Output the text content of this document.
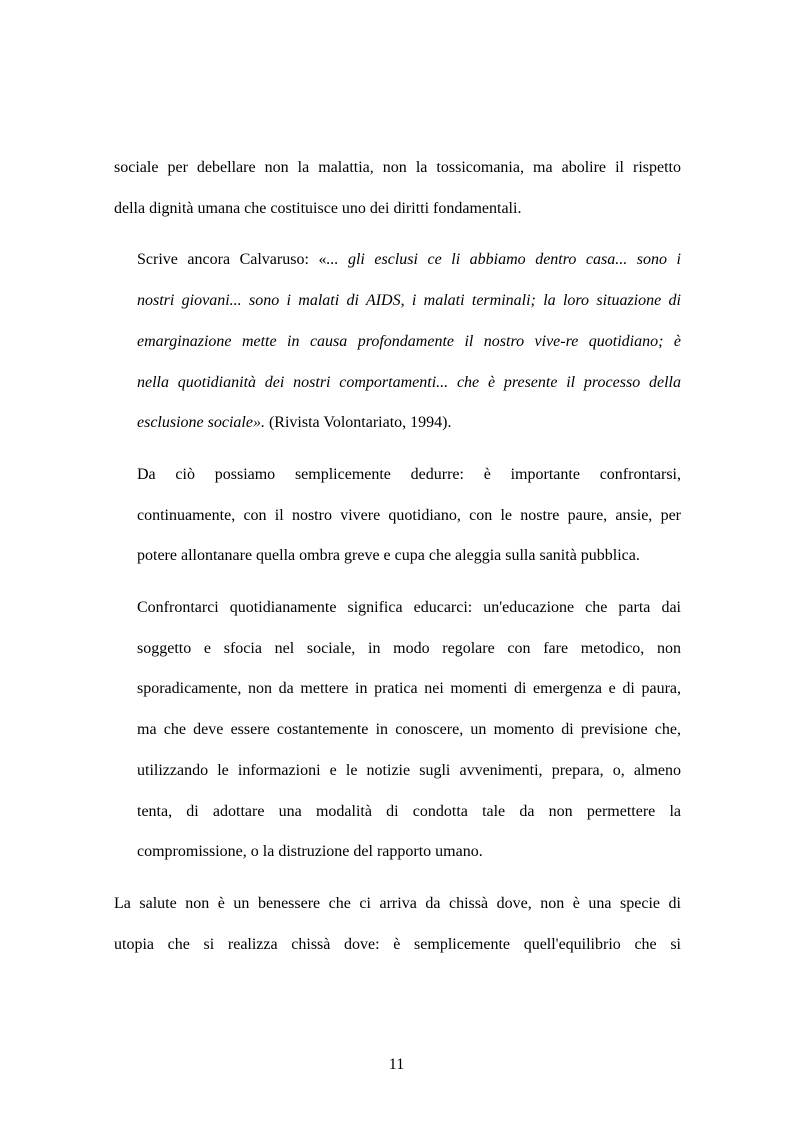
sociale per debellare non la malattia, non la tossicomania, ma abolire il rispetto
della dignità umana che costituisce uno dei diritti fondamentali.

Scrive ancora Calvaruso: «... gli esclusi ce li abbiamo dentro casa... sono i
nostri giovani... sono i malati di AIDS, i malati terminali; la loro situazione di
emarginazione mette in causa profondamente il nostro vive-re quotidiano; è
nella quotidianità dei nostri comportamenti... che è presente il processo della
esclusione sociale». (Rivista Volontariato, 1994).

Da ciò possiamo semplicemente dedurre: è importante confrontarsi,
continuamente, con il nostro vivere quotidiano, con le nostre paure, ansie, per
potere allontanare quella ombra greve e cupa che aleggia sulla sanità pubblica.

Confrontarci quotidianamente significa educarci: un'educazione che parta dai
soggetto e sfocia nel sociale, in modo regolare con fare metodico, non
sporadicamente, non da mettere in pratica nei momenti di emergenza e di paura,
ma che deve essere costantemente in conoscere, un momento di previsione che,
utilizzando le informazioni e le notizie sugli avvenimenti, prepara, o, almeno
tenta, di adottare una modalità di condotta tale da non permettere la
compromissione, o la distruzione del rapporto umano.

La salute non è un benessere che ci arriva da chissà dove, non è una specie di
utopia che si realizza chissà dove: è semplicemente quell'equilibrio che si

11
